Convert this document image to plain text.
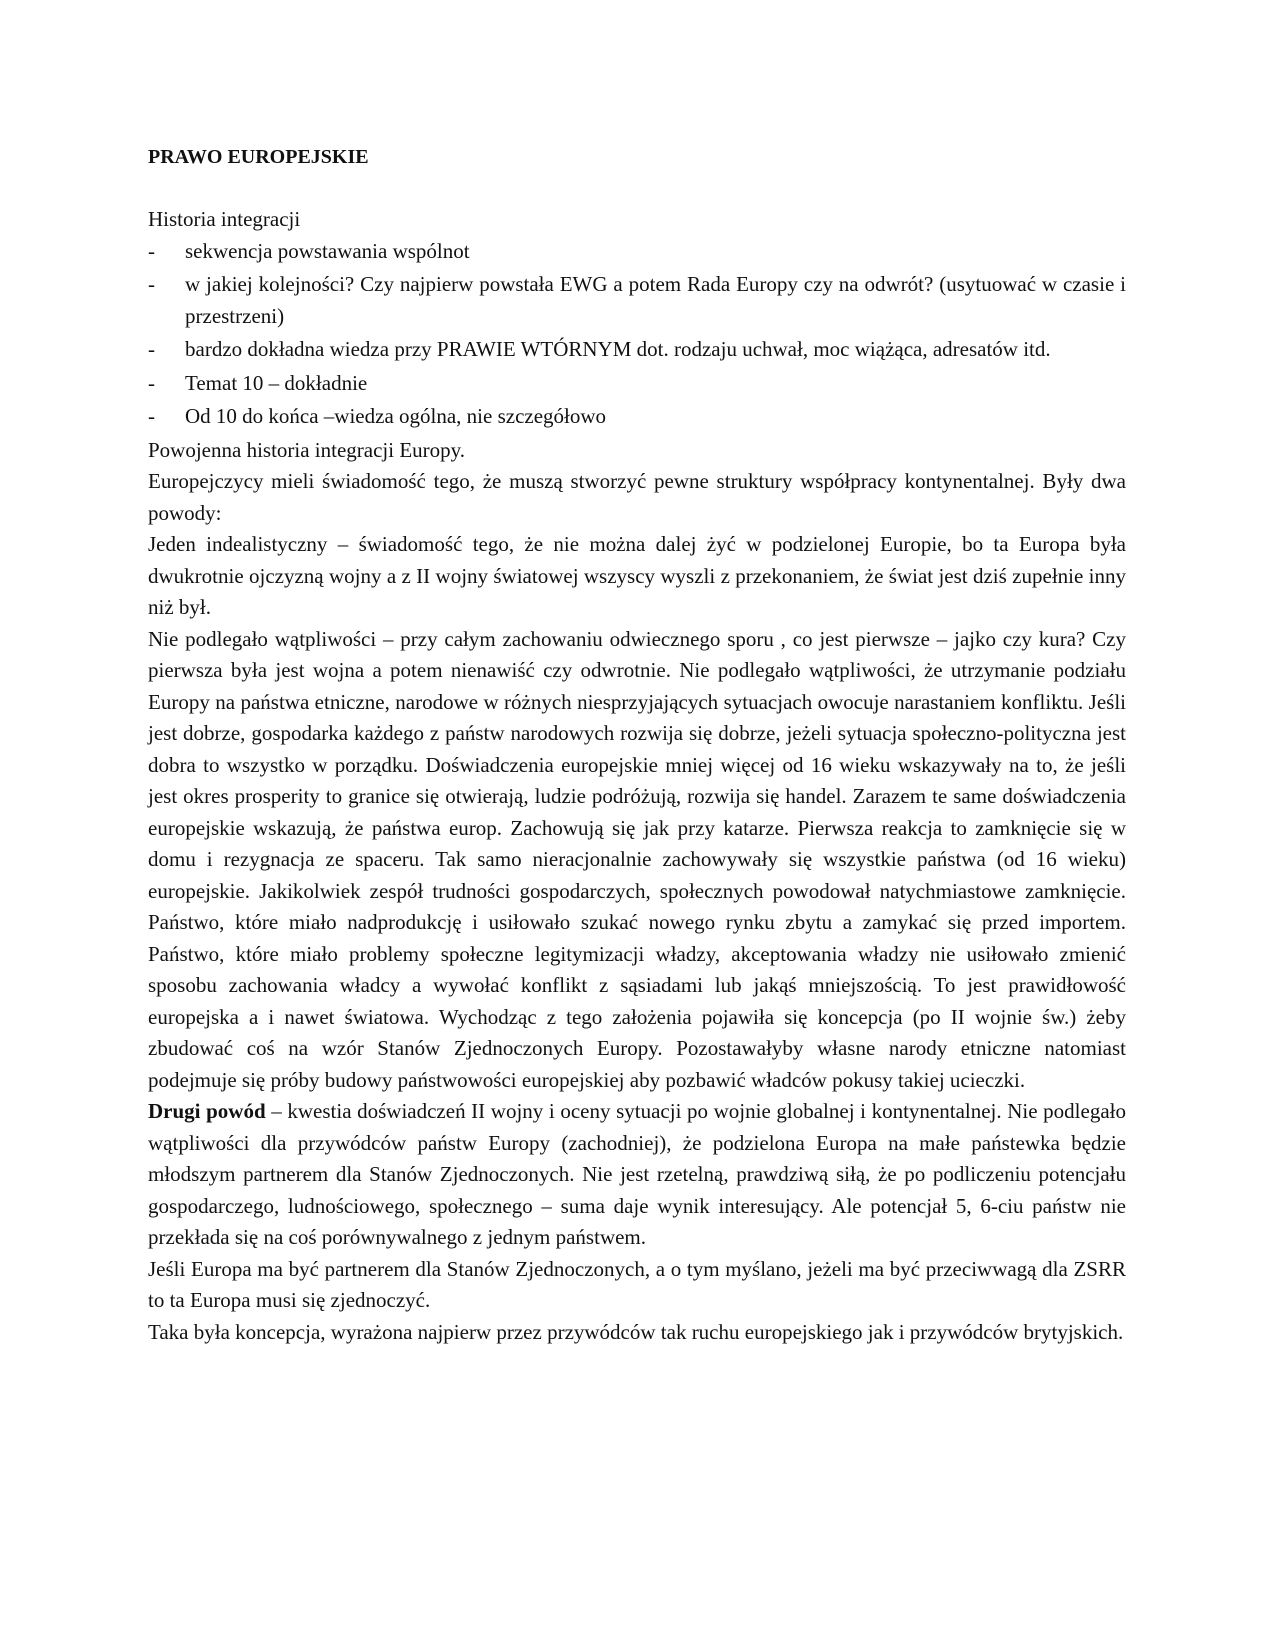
PRAWO EUROPEJSKIE
Historia integracji
- sekwencja powstawania wspólnot
- w jakiej kolejności? Czy najpierw powstała EWG a potem Rada Europy czy na odwrót? (usytuować w czasie i przestrzeni)
- bardzo dokładna wiedza przy PRAWIE WTÓRNYM dot. rodzaju uchwał, moc wiążąca, adresatów itd.
- Temat 10 – dokładnie
- Od 10 do końca –wiedza ogólna, nie szczegółowo

Powojenna historia integracji Europy.

Europejczycy mieli świadomość tego, że muszą stworzyć pewne struktury współpracy kontynentalnej. Były dwa powody:

Jeden indealistyczny – świadomość tego, że nie można dalej żyć w podzielonej Europie, bo ta Europa była dwukrotnie ojczyzną wojny a z II wojny światowej wszyscy wyszli z przekonaniem, że świat jest dziś zupełnie inny niż był.

Nie podlegało wątpliwości – przy całym zachowaniu odwiecznego sporu , co jest pierwsze – jajko czy kura? Czy pierwsza była jest wojna a potem nienawiść czy odwrotnie. Nie podlegało wątpliwości, że utrzymanie podziału Europy na państwa etniczne, narodowe w różnych niesprzyjających sytuacjach owocuje narastaniem konfliktu. Jeśli jest dobrze, gospodarka każdego z państw narodowych rozwija się dobrze, jeżeli sytuacja społeczno-polityczna jest dobra to wszystko w porządku. Doświadczenia europejskie mniej więcej od 16 wieku wskazywały na to, że jeśli jest okres prosperity to granice się otwierają, ludzie podróżują, rozwija się handel. Zarazem te same doświadczenia europejskie wskazują, że państwa europ. Zachowują się jak przy katarze. Pierwsza reakcja to zamknięcie się w domu i rezygnacja ze spaceru. Tak samo nieracjonalnie zachowywały się wszystkie państwa (od 16 wieku) europejskie. Jakikolwiek zespół trudności gospodarczych, społecznych powodował natychmiastowe zamknięcie. Państwo, które miało nadprodukcję i usiłowało szukać nowego rynku zbytu a zamykać się przed importem. Państwo, które miało problemy społeczne legitymizacji władzy, akceptowania władzy nie usiłowało zmienić sposobu zachowania władcy a wywołać konflikt z sąsiadami lub jakąś mniejszością. To jest prawidłowość europejska a i nawet światowa. Wychodząc z tego założenia pojawiła się koncepcja (po II wojnie św.) żeby zbudować coś na wzór Stanów Zjednoczonych Europy. Pozostawałyby własne narody etniczne natomiast podejmuje się próby budowy państwowości europejskiej aby pozbawić władców pokusy takiej ucieczki.

Drugi powód – kwestia doświadczeń II wojny i oceny sytuacji po wojnie globalnej i kontynentalnej. Nie podlegało wątpliwości dla przywódców państw Europy (zachodniej), że podzielona Europa na małe państewka będzie młodszym partnerem dla Stanów Zjednoczonych. Nie jest rzetelną, prawdziwą siłą, że po podliczeniu potencjału gospodarczego, ludnościowego, społecznego – suma daje wynik interesujący. Ale potencjał 5, 6-ciu państw nie przekłada się na coś porównywalnego z jednym państwem.

Jeśli Europa ma być partnerem dla Stanów Zjednoczonych, a o tym myślano, jeżeli ma być przeciwwagą dla ZSRR to ta Europa musi się zjednoczyć.

Taka była koncepcja, wyrażona najpierw przez przywódców tak ruchu europejskiego jak i przywódców brytyjskich.
